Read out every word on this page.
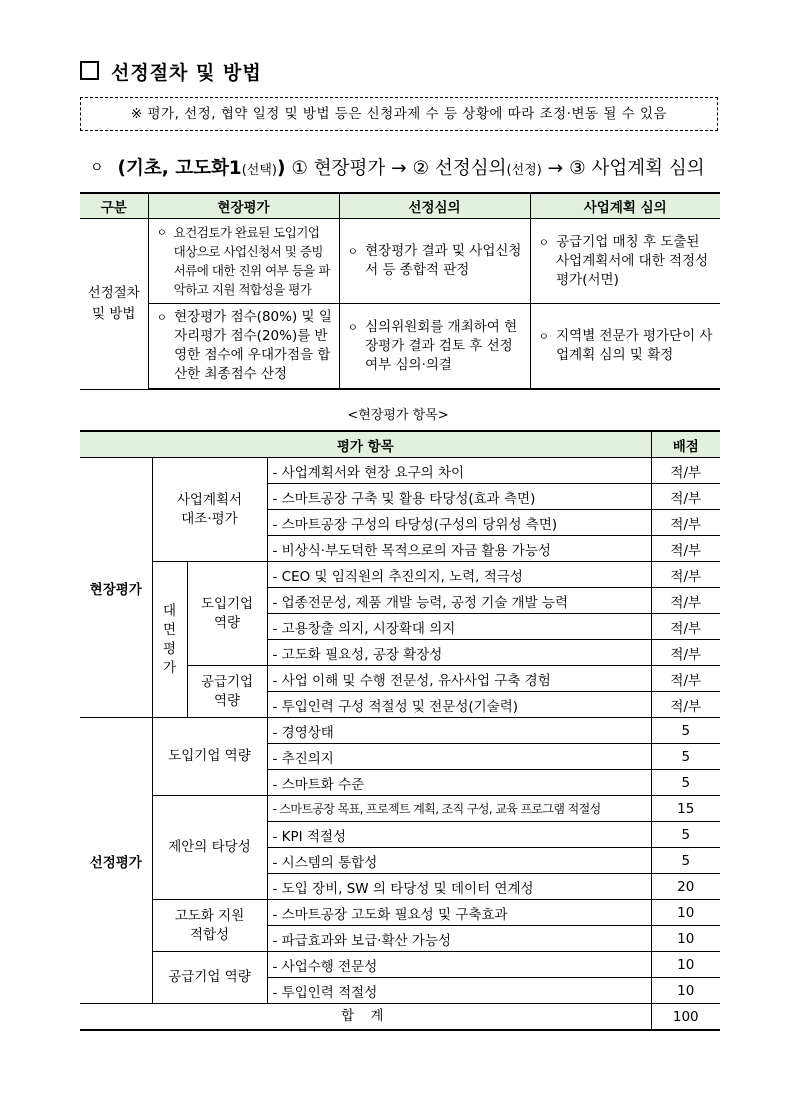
선정절차 및 방법
※ 평가, 선정, 협약 일정 및 방법 등은 신청과제 수 등 상황에 따라 조정·변동 될 수 있음
ㅇ (기초, 고도화1(선택)) ① 현장평가 → ② 선정심의(선정) → ③ 사업계획 심의
구분	현장평가	선정심의	사업계획 심의
선정절차 및 방법	ㅇ 요건검토가 완료된 도입기업 대상으로 사업신청서 및 증빙서류에 대한 진위 여부 등을 파악하고 지원 적합성을 평가	ㅇ 현장평가 결과 및 사업신청서 등 종합적 판정	ㅇ 공급기업 매칭 후 도출된 사업계획서에 대한 적정성 평가(서면)

	ㅇ 현장평가 점수(80%) 및 일자리평가 점수(20%)를 반영한 점수에 우대가점을 합산한 최종점수 산정	ㅇ 심의위원회를 개최하여 현장평가 결과 검토 후 선정여부 심의·의결	ㅇ 지역별 전문가 평가단이 사업계획 심의 및 확정
<현장평가 항목>
평가 항목				배점
현장평가	사업계획서 대조·평가		- 사업계획서와 현장 요구의 차이	적/부
			- 스마트공장 구축 및 활용 타당성(효과 측면)	적/부
			- 스마트공장 구성의 타당성(구성의 당위성 측면)	적/부
			- 비상식·부도덕한 목적으로의 자금 활용 가능성	적/부
	대면평가	도입기업 역량	- CEO 및 임직원의 추진의지, 노력, 적극성	적/부
			- 업종전문성, 제품 개발 능력, 공정 기술 개발 능력	적/부
			- 고용창출 의지, 시장확대 의지	적/부
			- 고도화 필요성, 공장 확장성	적/부
		공급기업 역량	- 사업 이해 및 수행 전문성, 유사사업 구축 경험	적/부
			- 투입인력 구성 적절성 및 전문성(기술력)	적/부
선정평가	도입기업 역량		- 경영상태	5
			- 추진의지	5
			- 스마트화 수준	5
	제안의 타당성		- 스마트공장 목표, 프로젝트 계획, 조직 구성, 교육 프로그램 적절성	15
			- KPI 적절성	5
			- 시스템의 통합성	5
			- 도입 장비, SW 의 타당성 및 데이터 연계성	20
	고도화 지원적합성		- 스마트공장 고도화 필요성 및 구축효과	10
			- 파급효과와 보급·확산 가능성	10
	공급기업 역량		- 사업수행 전문성	10
			- 투입인력 적절성	10
합 계				100
